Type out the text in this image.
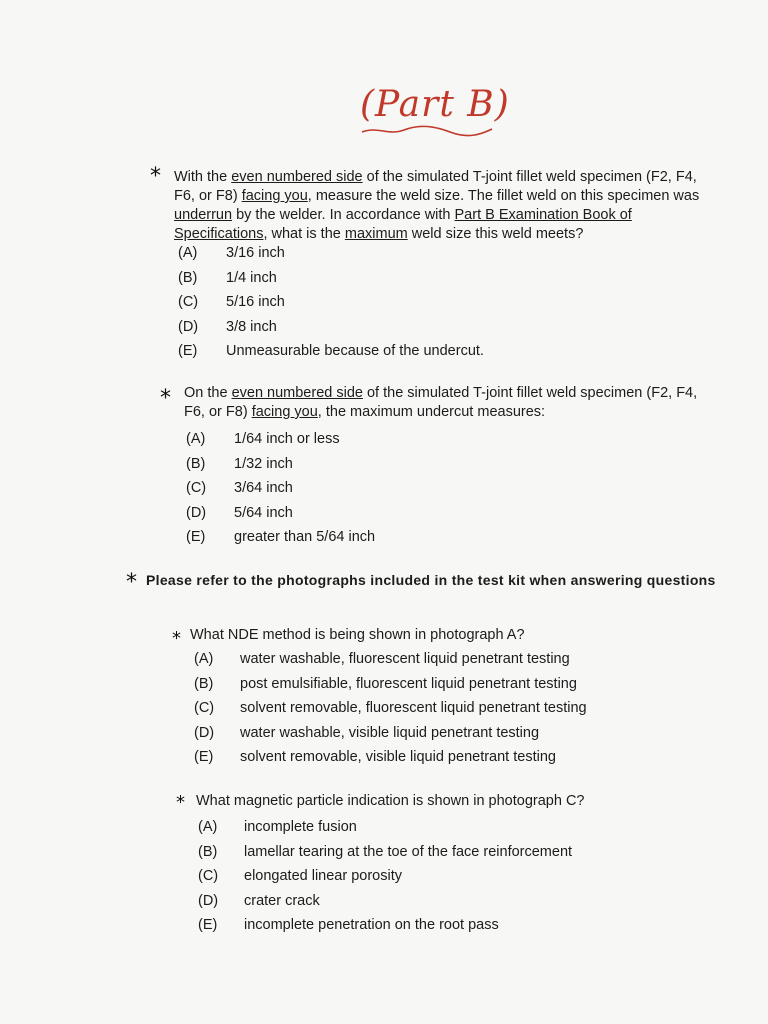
(Part B)
* With the even numbered side of the simulated T-joint fillet weld specimen (F2, F4, F6, or F8) facing you, measure the weld size. The fillet weld on this specimen was underrun by the welder. In accordance with Part B Examination Book of Specifications, what is the maximum weld size this weld meets?
(A) 3/16 inch
(B) 1/4 inch
(C) 5/16 inch
(D) 3/8 inch
(E) Unmeasurable because of the undercut.
* On the even numbered side of the simulated T-joint fillet weld specimen (F2, F4, F6, or F8) facing you, the maximum undercut measures:
(A) 1/64 inch or less
(B) 1/32 inch
(C) 3/64 inch
(D) 5/64 inch
(E) greater than 5/64 inch
* Please refer to the photographs included in the test kit when answering questions
* What NDE method is being shown in photograph A?
(A) water washable, fluorescent liquid penetrant testing
(B) post emulsifiable, fluorescent liquid penetrant testing
(C) solvent removable, fluorescent liquid penetrant testing
(D) water washable, visible liquid penetrant testing
(E) solvent removable, visible liquid penetrant testing
* What magnetic particle indication is shown in photograph C?
(A) incomplete fusion
(B) lamellar tearing at the toe of the face reinforcement
(C) elongated linear porosity
(D) crater crack
(E) incomplete penetration on the root pass
